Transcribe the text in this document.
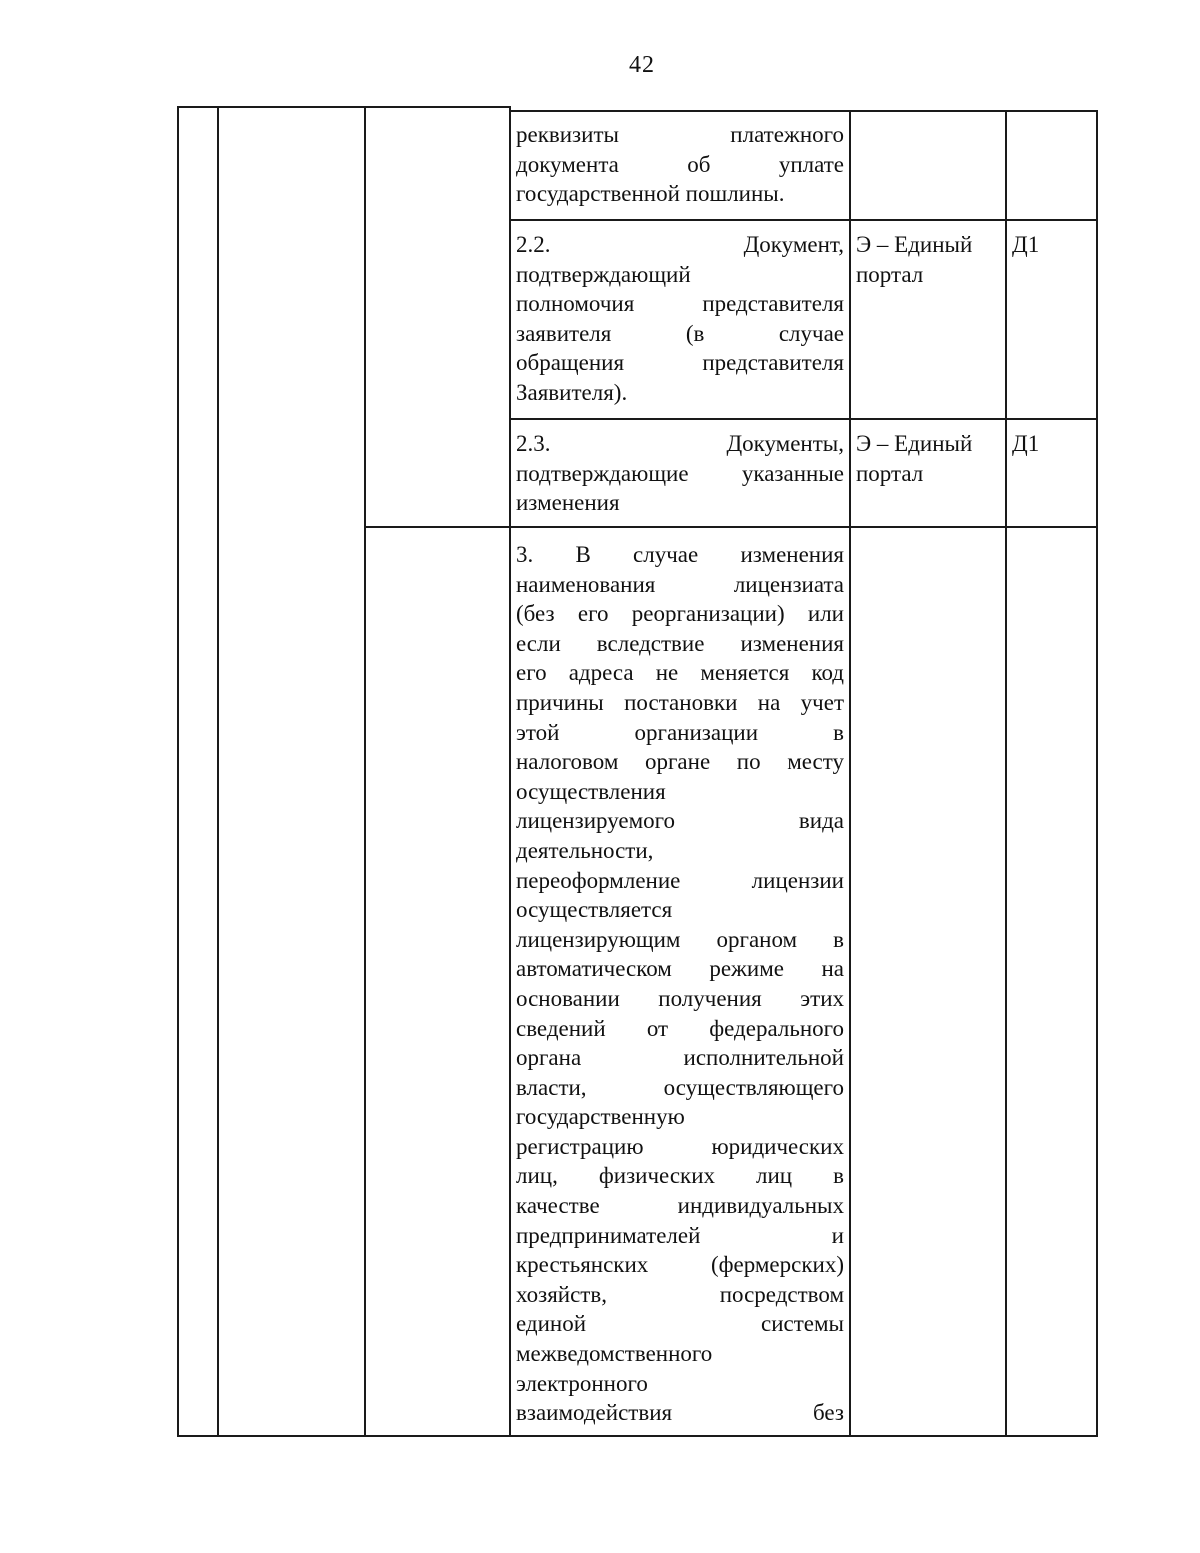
42
реквизиты платежного
документа об уплате
государственной пошлины.
2.2. Документ,
подтверждающий
полномочия представителя
заявителя (в случае
обращения представителя
Заявителя).
Э – Единый
портал
Д1
2.3. Документы,
подтверждающие указанные
изменения
Э – Единый
портал
Д1
3. В случае изменения
наименования лицензиата
(без его реорганизации) или
если вследствие изменения
его адреса не меняется код
причины постановки на учет
этой организации в
налоговом органе по месту
осуществления
лицензируемого вида
деятельности,
переоформление лицензии
осуществляется
лицензирующим органом в
автоматическом режиме на
основании получения этих
сведений от федерального
органа исполнительной
власти, осуществляющего
государственную
регистрацию юридических
лиц, физических лиц в
качестве индивидуальных
предпринимателей и
крестьянских (фермерских)
хозяйств, посредством
единой системы
межведомственного
электронного
взаимодействия без
